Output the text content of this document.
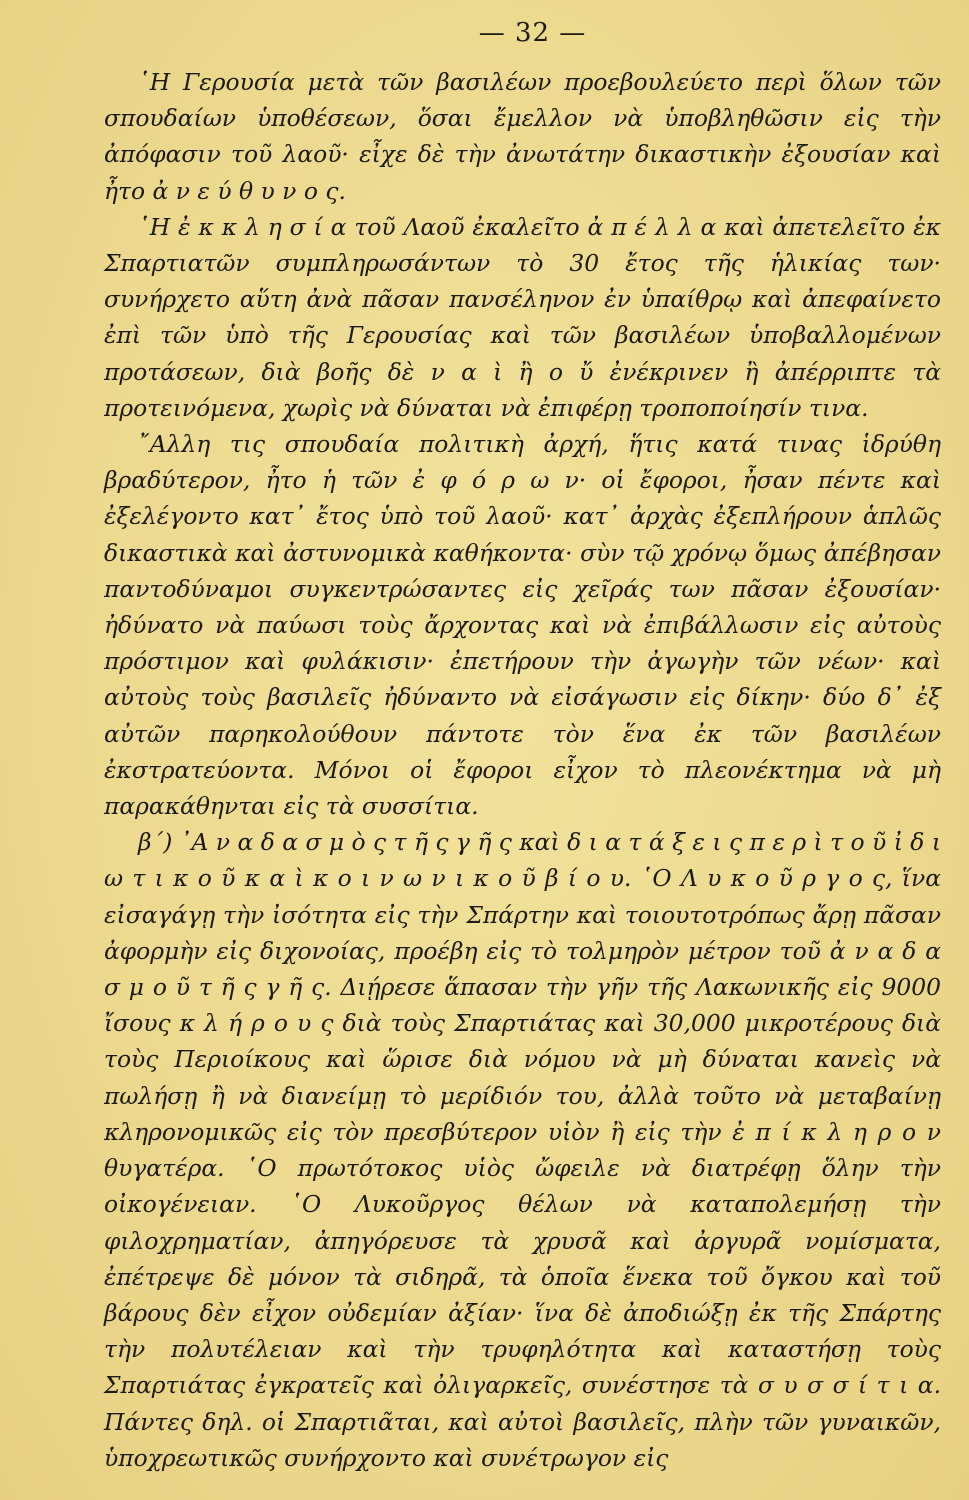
— 32 —

῾Η Γερουσία μετὰ τῶν βασιλέων προεβουλεύετο περὶ ὅλων τῶν σπουδαίων ὑποθέσεων, ὅσαι ἔμελλον νὰ ὑποβληθῶσιν εἰς τὴν ἀπόφασιν τοῦ λαοῦ· εἶχε δὲ τὴν ἀνωτάτην δικαστικὴν ἐξουσίαν καὶ ἦτο ἀ ν ε ύ θ υ ν ο ς.

῾Η ἐ κ κ λ η σ ί α τοῦ Λαοῦ ἐκαλεῖτο ἀ π έ λ λ α καὶ ἀπετελεῖτο ἐκ Σπαρτιατῶν συμπληρωσάντων τὸ 30 ἔτος τῆς ἡλικίας των· συνήρχετο αὕτη ἀνὰ πᾶσαν πανσέληνον ἐν ὑπαίθρῳ καὶ ἀπεφαίνετο ἐπὶ τῶν ὑπὸ τῆς Γερουσίας καὶ τῶν βασιλέων ὑποβαλλομένων προτάσεων, διὰ βοῆς δὲ ν α ὶ ἢ ο ὔ ἐνέκρινεν ἢ ἀπέρριπτε τὰ προτεινόμενα, χωρὶς νὰ δύναται νὰ ἐπιφέρῃ τροποποίησίν τινα.

῎Αλλη τις σπουδαία πολιτικὴ ἀρχή, ἥτις κατά τινας ἱδρύθη βραδύτερον, ἦτο ἡ τῶν ἐ φ ό ρ ω ν· οἱ ἔφοροι, ἦσαν πέντε καὶ ἐξελέγοντο κατ᾽ ἔτος ὑπὸ τοῦ λαοῦ· κατ᾽ ἀρχὰς ἐξεπλήρουν ἁπλῶς δικαστικὰ καὶ ἀστυνομικὰ καθήκοντα· σὺν τῷ χρόνῳ ὅμως ἀπέβησαν παντοδύναμοι συγκεντρώσαντες εἰς χεῖράς των πᾶσαν ἐξουσίαν· ἠδύνατο νὰ παύωσι τοὺς ἄρχοντας καὶ νὰ ἐπιβάλλωσιν εἰς αὐτοὺς πρόστιμον καὶ φυλάκισιν· ἐπετήρουν τὴν ἀγωγὴν τῶν νέων· καὶ αὐτοὺς τοὺς βασιλεῖς ἠδύναντο νὰ εἰσάγωσιν εἰς δίκην· δύο δ᾽ ἐξ αὐτῶν παρηκολούθουν πάντοτε τὸν ἕνα ἐκ τῶν βασιλέων ἐκστρατεύοντα. Μόνοι οἱ ἔφοροι εἶχον τὸ πλεονέκτημα νὰ μὴ παρακάθηνται εἰς τὰ συσσίτια.

β´) ᾽Α ν α δ α σ μ ὸ ς τ ῆ ς γ ῆ ς καὶ δ ι α τ ά ξ ε ι ς π ε ρ ὶ τ ο ῦ ἰ δ ι ω τ ι κ ο ῦ κ α ὶ κ ο ι ν ω ν ι κ ο ῦ β ί ο υ. ῾Ο Λ υ κ ο ῦ ρ γ ο ς, ἵνα εἰσαγάγῃ τὴν ἰσότητα εἰς τὴν Σπάρτην καὶ τοιουτοτρόπως ἄρῃ πᾶσαν ἀφορμὴν εἰς διχονοίας, προέβη εἰς τὸ τολμηρὸν μέτρον τοῦ ἀ ν α δ α σ μ ο ῦ τ ῆ ς γ ῆ ς. Διῄρεσε ἅπασαν τὴν γῆν τῆς Λακωνικῆς εἰς 9000 ἴσους κ λ ή ρ ο υ ς διὰ τοὺς Σπαρτιάτας καὶ 30,000 μικροτέρους διὰ τοὺς Περιοίκους καὶ ὥρισε διὰ νόμου νὰ μὴ δύναται κανεὶς νὰ πωλήσῃ ἢ νὰ διανείμῃ τὸ μερίδιόν του, ἀλλὰ τοῦτο νὰ μεταβαίνῃ κληρονομικῶς εἰς τὸν πρεσβύτερον υἱὸν ἢ εἰς τὴν ἐ π ί κ λ η ρ ο ν θυγατέρα. ῾Ο πρωτότοκος υἱὸς ὤφειλε νὰ διατρέφῃ ὅλην τὴν οἰκογένειαν. ῾Ο Λυκοῦργος θέλων νὰ καταπολεμήσῃ τὴν φιλοχρηματίαν, ἀπηγόρευσε τὰ χρυσᾶ καὶ ἀργυρᾶ νομίσματα, ἐπέτρεψε δὲ μόνον τὰ σιδηρᾶ, τὰ ὁποῖα ἕνεκα τοῦ ὄγκου καὶ τοῦ βάρους δὲν εἶχον οὐδεμίαν ἀξίαν· ἵνα δὲ ἀποδιώξῃ ἐκ τῆς Σπάρτης τὴν πολυτέλειαν καὶ τὴν τρυφηλότητα καὶ καταστήσῃ τοὺς Σπαρτιάτας ἐγκρατεῖς καὶ ὀλιγαρκεῖς, συνέστησε τὰ σ υ σ σ ί τ ι α. Πάντες δηλ. οἱ Σπαρτιᾶται, καὶ αὐτοὶ βασιλεῖς, πλὴν τῶν γυναικῶν, ὑποχρεωτικῶς συνήρχοντο καὶ συνέτρωγον εἰς
